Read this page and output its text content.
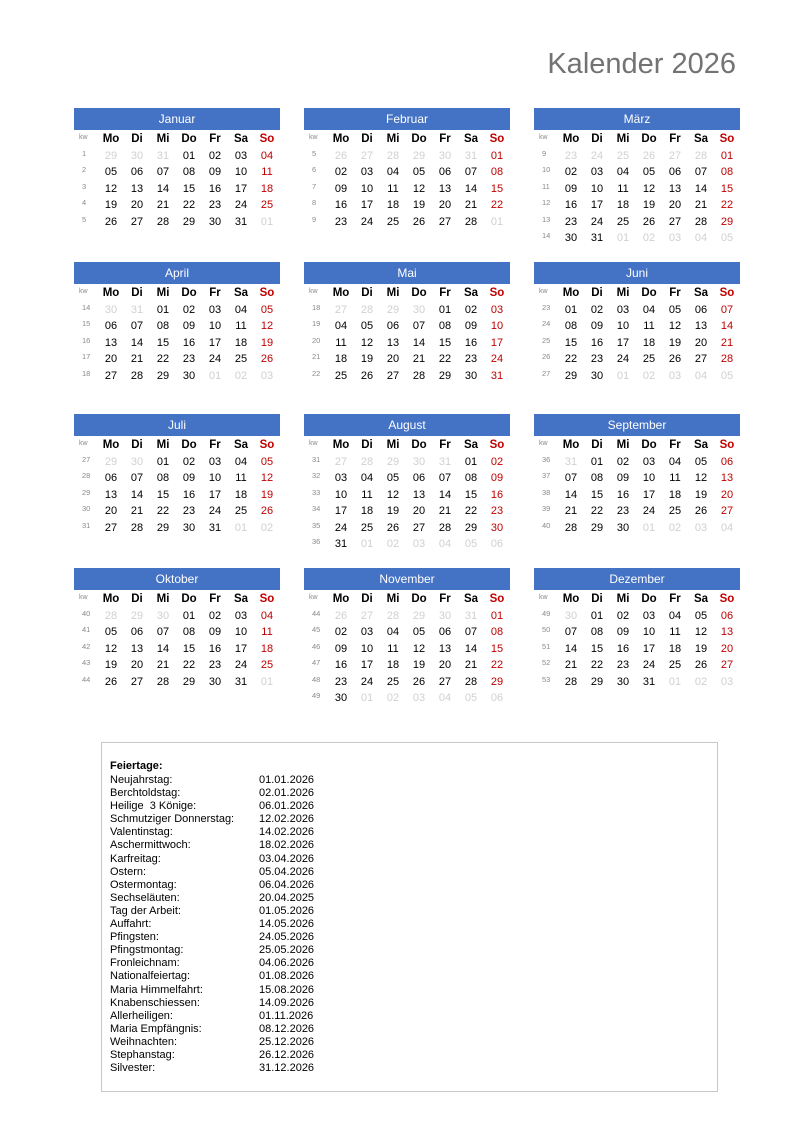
Kalender 2026
Januar
kw	Mo	Di	Mi	Do	Fr	Sa	So
1	29	30	31	01	02	03	04
2	05	06	07	08	09	10	11
3	12	13	14	15	16	17	18
4	19	20	21	22	23	24	25
5	26	27	28	29	30	31	01
Februar
kw	Mo	Di	Mi	Do	Fr	Sa	So
5	26	27	28	29	30	31	01
6	02	03	04	05	06	07	08
7	09	10	11	12	13	14	15
8	16	17	18	19	20	21	22
9	23	24	25	26	27	28	01
März
kw	Mo	Di	Mi	Do	Fr	Sa	So
9	23	24	25	26	27	28	01
10	02	03	04	05	06	07	08
11	09	10	11	12	13	14	15
12	16	17	18	19	20	21	22
13	23	24	25	26	27	28	29
14	30	31	01	02	03	04	05
April
kw	Mo	Di	Mi	Do	Fr	Sa	So
14	30	31	01	02	03	04	05
15	06	07	08	09	10	11	12
16	13	14	15	16	17	18	19
17	20	21	22	23	24	25	26
18	27	28	29	30	01	02	03
Mai
kw	Mo	Di	Mi	Do	Fr	Sa	So
18	27	28	29	30	01	02	03
19	04	05	06	07	08	09	10
20	11	12	13	14	15	16	17
21	18	19	20	21	22	23	24
22	25	26	27	28	29	30	31
Juni
kw	Mo	Di	Mi	Do	Fr	Sa	So
23	01	02	03	04	05	06	07
24	08	09	10	11	12	13	14
25	15	16	17	18	19	20	21
26	22	23	24	25	26	27	28
27	29	30	01	02	03	04	05
Juli
kw	Mo	Di	Mi	Do	Fr	Sa	So
27	29	30	01	02	03	04	05
28	06	07	08	09	10	11	12
29	13	14	15	16	17	18	19
30	20	21	22	23	24	25	26
31	27	28	29	30	31	01	02
August
kw	Mo	Di	Mi	Do	Fr	Sa	So
31	27	28	29	30	31	01	02
32	03	04	05	06	07	08	09
33	10	11	12	13	14	15	16
34	17	18	19	20	21	22	23
35	24	25	26	27	28	29	30
36	31	01	02	03	04	05	06
September
kw	Mo	Di	Mi	Do	Fr	Sa	So
36	31	01	02	03	04	05	06
37	07	08	09	10	11	12	13
38	14	15	16	17	18	19	20
39	21	22	23	24	25	26	27
40	28	29	30	01	02	03	04
Oktober
kw	Mo	Di	Mi	Do	Fr	Sa	So
40	28	29	30	01	02	03	04
41	05	06	07	08	09	10	11
42	12	13	14	15	16	17	18
43	19	20	21	22	23	24	25
44	26	27	28	29	30	31	01
November
kw	Mo	Di	Mi	Do	Fr	Sa	So
44	26	27	28	29	30	31	01
45	02	03	04	05	06	07	08
46	09	10	11	12	13	14	15
47	16	17	18	19	20	21	22
48	23	24	25	26	27	28	29
49	30	01	02	03	04	05	06
Dezember
kw	Mo	Di	Mi	Do	Fr	Sa	So
49	30	01	02	03	04	05	06
50	07	08	09	10	11	12	13
51	14	15	16	17	18	19	20
52	21	22	23	24	25	26	27
53	28	29	30	31	01	02	03
Feiertage:
Neujahrstag:	01.01.2026
Berchtoldstag:	02.01.2026
Heilige  3 Könige:	06.01.2026
Schmutziger Donnerstag:	12.02.2026
Valentinstag:	14.02.2026
Aschermittwoch:	18.02.2026
Karfreitag:	03.04.2026
Ostern:	05.04.2026
Ostermontag:	06.04.2026
Sechseläuten:	20.04.2025
Tag der Arbeit:	01.05.2026
Auffahrt:	14.05.2026
Pfingsten:	24.05.2026
Pfingstmontag:	25.05.2026
Fronleichnam:	04.06.2026
Nationalfeiertag:	01.08.2026
Maria Himmelfahrt:	15.08.2026
Knabenschiessen:	14.09.2026
Allerheiligen:	01.11.2026
Maria Empfängnis:	08.12.2026
Weihnachten:	25.12.2026
Stephanstag:	26.12.2026
Silvester:	31.12.2026
